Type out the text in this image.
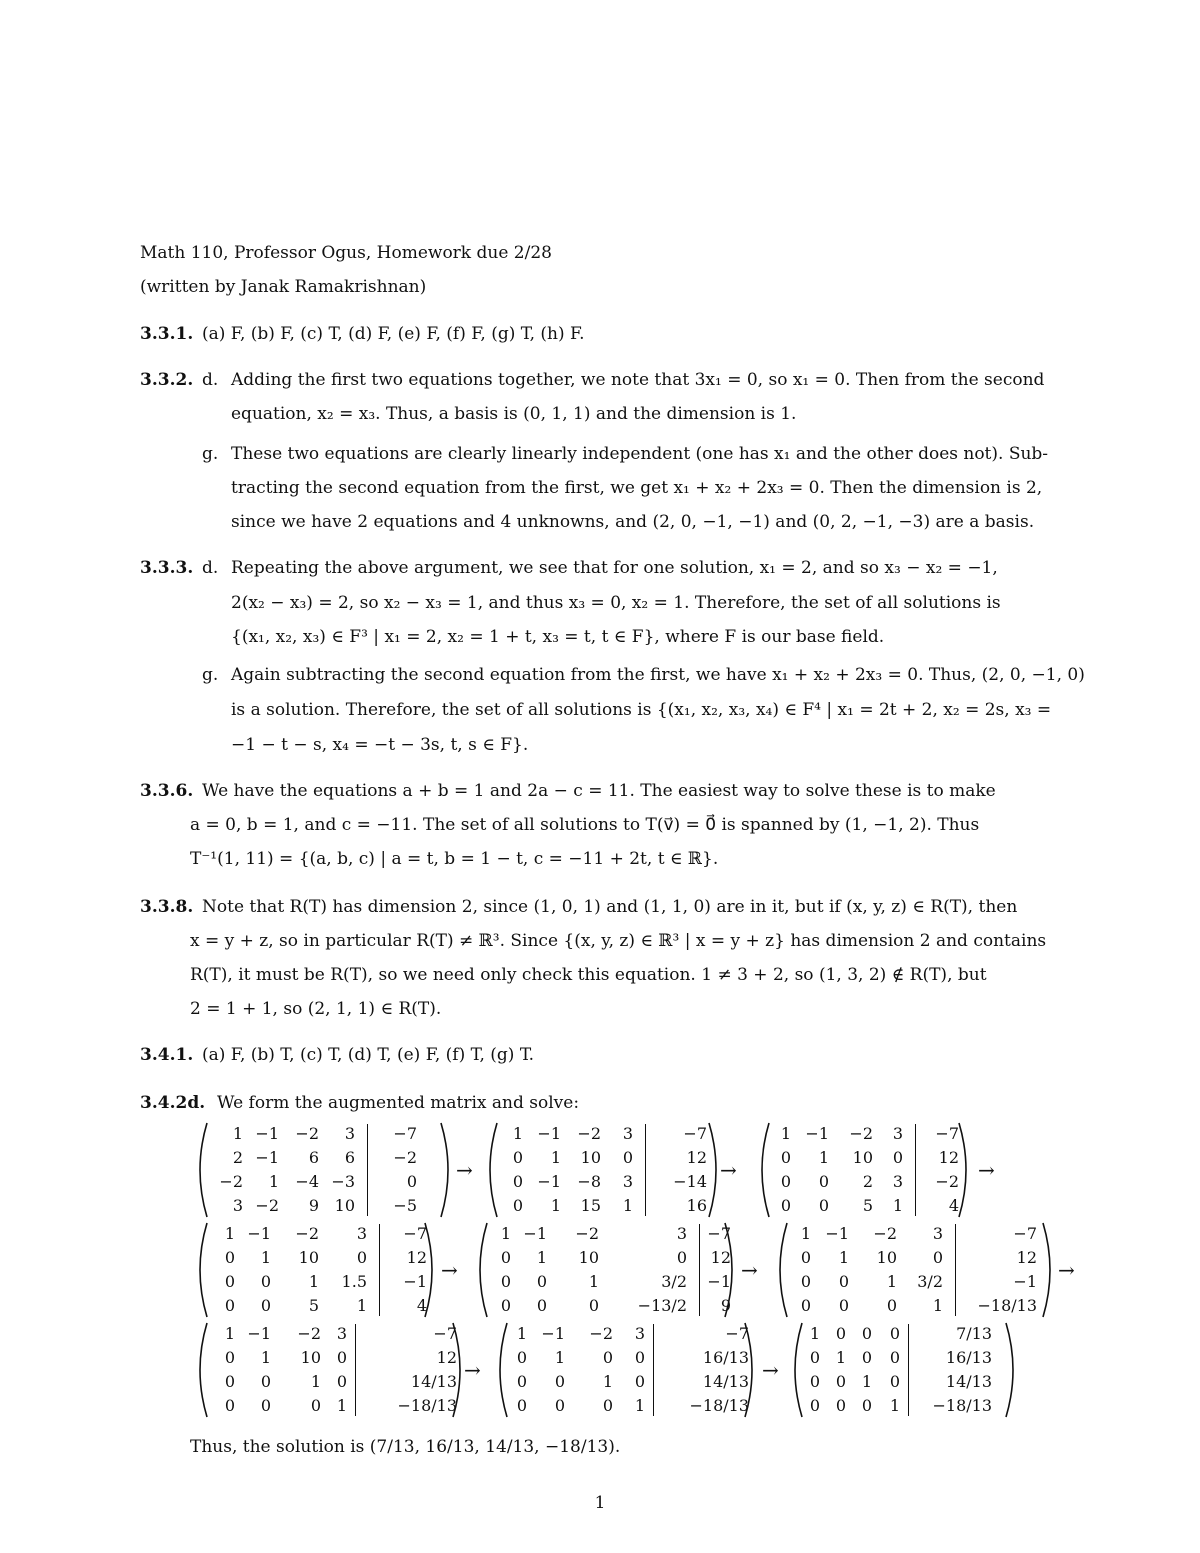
Math 110, Professor Ogus, Homework due 2/28
(written by Janak Ramakrishnan)
3.3.1. (a) F, (b) F, (c) T, (d) F, (e) F, (f) F, (g) T, (h) F.
3.3.2. d. Adding the first two equations together, we note that 3x₁ = 0, so x₁ = 0. Then from the second
equation, x₂ = x₃. Thus, a basis is (0, 1, 1) and the dimension is 1.
g. These two equations are clearly linearly independent (one has x₁ and the other does not). Sub-
tracting the second equation from the first, we get x₁ + x₂ + 2x₃ = 0. Then the dimension is 2,
since we have 2 equations and 4 unknowns, and (2, 0, −1, −1) and (0, 2, −1, −3) are a basis.
3.3.3. d. Repeating the above argument, we see that for one solution, x₁ = 2, and so x₃ − x₂ = −1,
2(x₂ − x₃) = 2, so x₂ − x₃ = 1, and thus x₃ = 0, x₂ = 1. Therefore, the set of all solutions is
{(x₁, x₂, x₃) ∈ F³ | x₁ = 2, x₂ = 1 + t, x₃ = t, t ∈ F}, where F is our base field.
g. Again subtracting the second equation from the first, we have x₁ + x₂ + 2x₃ = 0. Thus, (2, 0, −1, 0)
is a solution. Therefore, the set of all solutions is {(x₁, x₂, x₃, x₄) ∈ F⁴ | x₁ = 2t + 2, x₂ = 2s, x₃ =
−1 − t − s, x₄ = −t − 3s, t, s ∈ F}.
3.3.6. We have the equations a + b = 1 and 2a − c = 11. The easiest way to solve these is to make
a = 0, b = 1, and c = −11. The set of all solutions to T(v⃗) = 0⃗ is spanned by (1, −1, 2). Thus
T⁻¹(1, 11) = {(a, b, c) | a = t, b = 1 − t, c = −11 + 2t, t ∈ ℝ}.
3.3.8. Note that R(T) has dimension 2, since (1, 0, 1) and (1, 1, 0) are in it, but if (x, y, z) ∈ R(T), then
x = y + z, so in particular R(T) ≠ ℝ³. Since {(x, y, z) ∈ ℝ³ | x = y + z} has dimension 2 and contains
R(T), it must be R(T), so we need only check this equation. 1 ≠ 3 + 2, so (1, 3, 2) ∉ R(T), but
2 = 1 + 1, so (2, 1, 1) ∈ R(T).
3.4.1. (a) F, (b) T, (c) T, (d) T, (e) F, (f) T, (g) T.
3.4.2d. We form the augmented matrix and solve:
1 −1	−2	3	−7
2 −1	6	6	−2
−2	1	−4 −3	0
3 −2	9 10	−5
1 −1	−2	3	−7
0	1	10	0	12
0 −1	−8	3	−14
0	1	15	1	16
1 −1	−2	3	−7
0	1	10	0	12
0	0	2	3	−2
0	0	5	1	4
1 −1	−2	3	−7
0	1	10	0	12
0	0	1	1.5	−1
0	0	5	1	4
1 −1	−2	3	−7
0	1	10	0	12
0	0	1	3/2	−1
0	0	0	−13/2	9
1 −1	−2	3	−7
0	1	10	0	12
0	0	1	3/2	−1
0	0	0	1	−18/13
1 −1	−2 3	−7
0	1	10 0	12
0	0	1 0	14/13
0	0	0 1	−18/13
1 −1	−2	3	−7
0	1	0	0	16/13
0	0	1	0	14/13
0	0	0	1	−18/13
1 0 0	0	7/13
0 1 0	0	16/13
0 0 1	0	14/13
0 0 0	1	−18/13
→	→	→
→	→	→
→	→
Thus, the solution is (7/13, 16/13, 14/13, −18/13).
1
